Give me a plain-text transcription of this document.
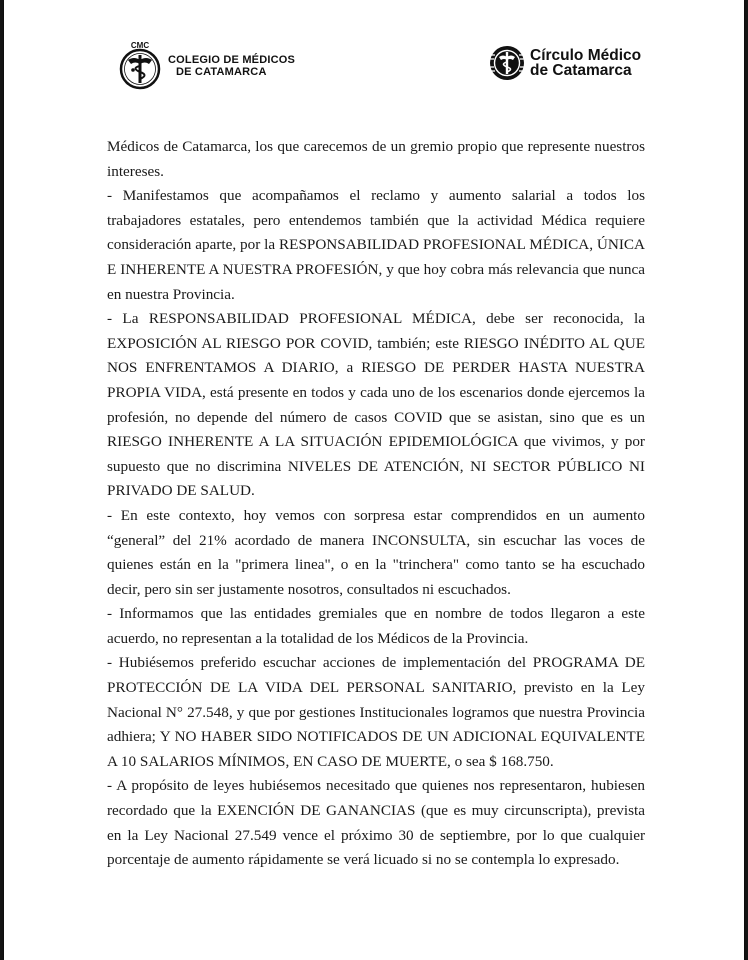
CMC
COLEGIO DE MÉDICOS
DE CATAMARCA
Círculo Médico
de Catamarca

Médicos de Catamarca, los que carecemos de un gremio propio que represente nuestros intereses.

- Manifestamos que acompañamos el reclamo y aumento salarial a todos los trabajadores estatales, pero entendemos también que la actividad Médica requiere consideración aparte, por la RESPONSABILIDAD PROFESIONAL MÉDICA, ÚNICA E INHERENTE A NUESTRA PROFESIÓN, y que hoy cobra más relevancia que nunca en nuestra Provincia.

- La RESPONSABILIDAD PROFESIONAL MÉDICA, debe ser reconocida, la EXPOSICIÓN AL RIESGO POR COVID, también; este RIESGO INÉDITO AL QUE NOS ENFRENTAMOS A DIARIO, a RIESGO DE PERDER HASTA NUESTRA PROPIA VIDA, está presente en todos y cada uno de los escenarios donde ejercemos la profesión, no depende del número de casos COVID que se asistan, sino que es un RIESGO INHERENTE A LA SITUACIÓN EPIDEMIOLÓGICA que vivimos, y por supuesto que no discrimina NIVELES DE ATENCIÓN, NI SECTOR PÚBLICO NI PRIVADO DE SALUD.

- En este contexto, hoy vemos con sorpresa estar comprendidos en un aumento “general” del 21% acordado de manera INCONSULTA, sin escuchar las voces de quienes están en la "primera linea", o en la "trinchera" como tanto se ha escuchado decir, pero sin ser justamente nosotros, consultados ni escuchados.

- Informamos que las entidades gremiales que en nombre de todos llegaron a este acuerdo, no representan a la totalidad de los Médicos de la Provincia.

- Hubiésemos preferido escuchar acciones de implementación del PROGRAMA DE PROTECCIÓN DE LA VIDA DEL PERSONAL SANITARIO, previsto en la Ley Nacional N° 27.548, y que por gestiones Institucionales logramos que nuestra Provincia adhiera; Y NO HABER SIDO NOTIFICADOS DE UN ADICIONAL EQUIVALENTE A 10 SALARIOS MÍNIMOS, EN CASO DE MUERTE, o sea $ 168.750.

- A propósito de leyes hubiésemos necesitado que quienes nos representaron, hubiesen recordado que la EXENCIÓN DE GANANCIAS (que es muy circunscripta), prevista en la Ley Nacional 27.549 vence el próximo 30 de septiembre, por lo que cualquier porcentaje de aumento rápidamente se verá licuado si no se contempla lo expresado.
